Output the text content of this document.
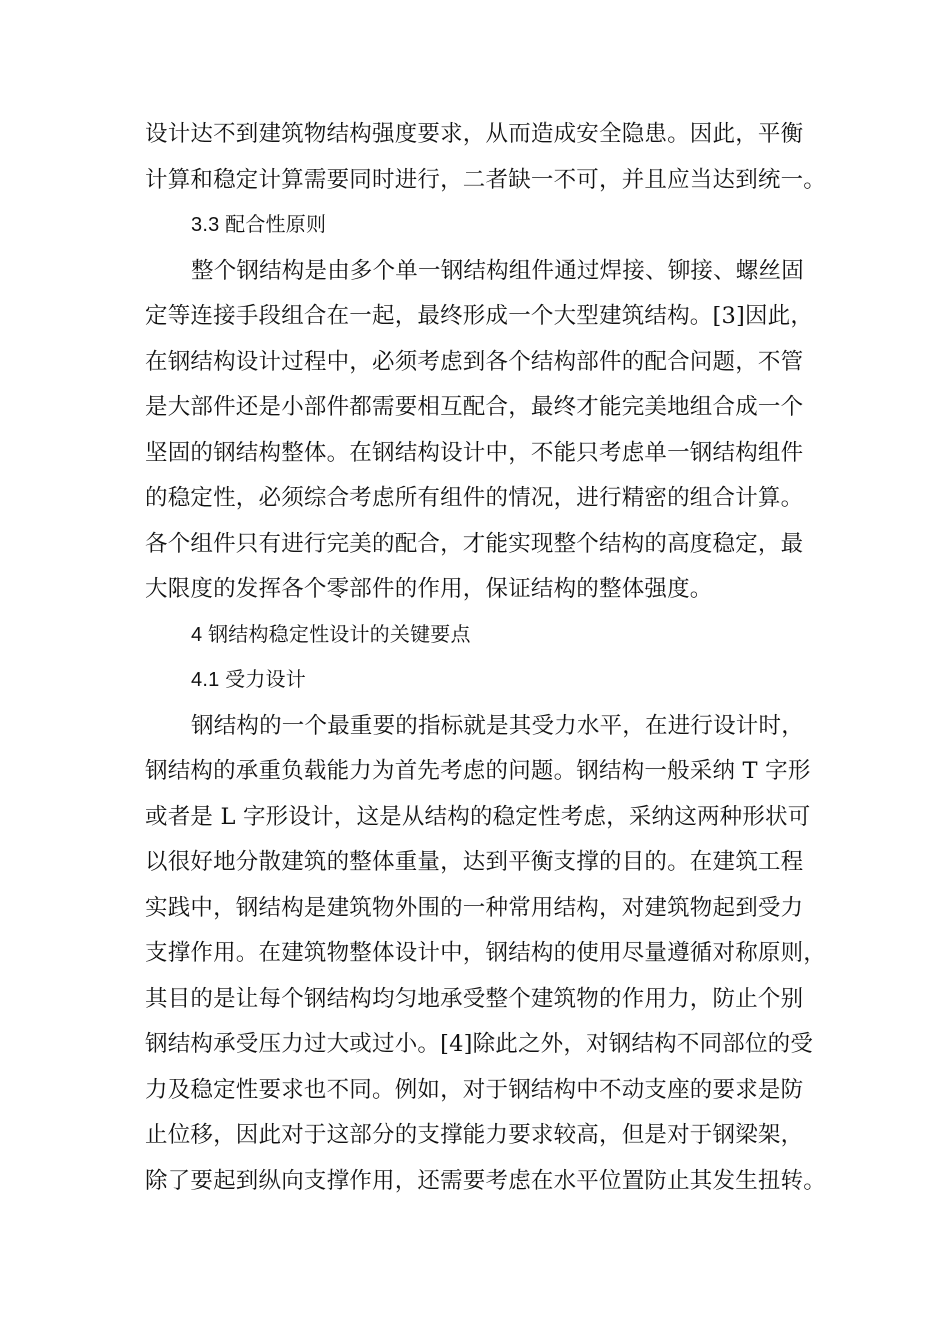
设计达不到建筑物结构强度要求，从而造成安全隐患。因此，平衡
计算和稳定计算需要同时进行，二者缺一不可，并且应当达到统一。
3.3 配合性原则
整个钢结构是由多个单一钢结构组件通过焊接、铆接、螺丝固
定等连接手段组合在一起，最终形成一个大型建筑结构。[3]因此，
在钢结构设计过程中，必须考虑到各个结构部件的配合问题，不管
是大部件还是小部件都需要相互配合，最终才能完美地组合成一个
坚固的钢结构整体。在钢结构设计中，不能只考虑单一钢结构组件
的稳定性，必须综合考虑所有组件的情况，进行精密的组合计算。
各个组件只有进行完美的配合，才能实现整个结构的高度稳定，最
大限度的发挥各个零部件的作用，保证结构的整体强度。
4 钢结构稳定性设计的关键要点
4.1 受力设计
钢结构的一个最重要的指标就是其受力水平，在进行设计时，
钢结构的承重负载能力为首先考虑的问题。钢结构一般采纳 T 字形
或者是 L 字形设计，这是从结构的稳定性考虑，采纳这两种形状可
以很好地分散建筑的整体重量，达到平衡支撑的目的。在建筑工程
实践中，钢结构是建筑物外围的一种常用结构，对建筑物起到受力
支撑作用。在建筑物整体设计中，钢结构的使用尽量遵循对称原则，
其目的是让每个钢结构均匀地承受整个建筑物的作用力，防止个别
钢结构承受压力过大或过小。[4]除此之外，对钢结构不同部位的受
力及稳定性要求也不同。例如，对于钢结构中不动支座的要求是防
止位移，因此对于这部分的支撑能力要求较高，但是对于钢梁架，
除了要起到纵向支撑作用，还需要考虑在水平位置防止其发生扭转。
